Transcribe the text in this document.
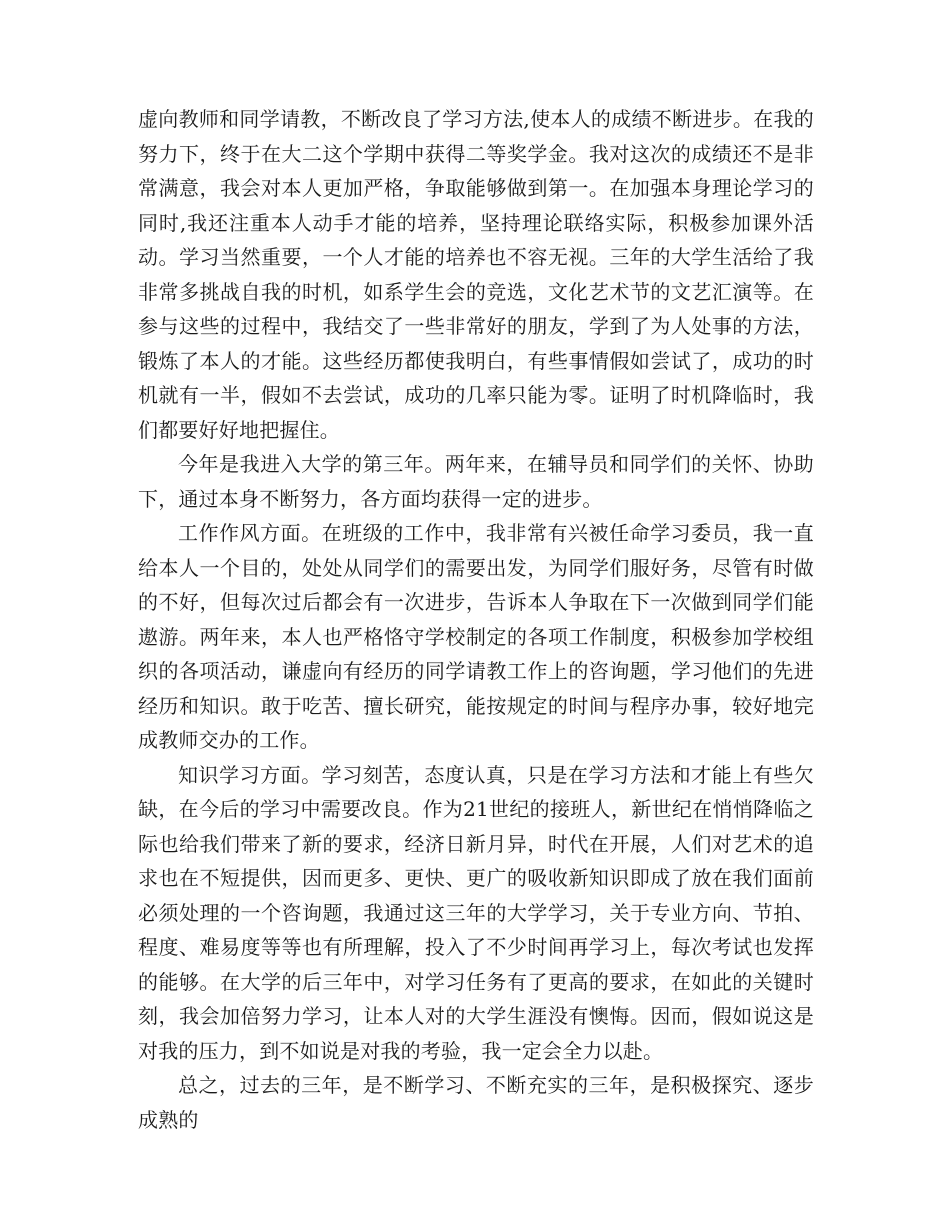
虚向教师和同学请教，不断改良了学习方法,使本人的成绩不断进步。在我的努力下，终于在大二这个学期中获得二等奖学金。我对这次的成绩还不是非常满意，我会对本人更加严格，争取能够做到第一。在加强本身理论学习的同时,我还注重本人动手才能的培养，坚持理论联络实际，积极参加课外活动。学习当然重要，一个人才能的培养也不容无视。三年的大学生活给了我非常多挑战自我的时机，如系学生会的竞选，文化艺术节的文艺汇演等。在参与这些的过程中，我结交了一些非常好的朋友，学到了为人处事的方法，锻炼了本人的才能。这些经历都使我明白，有些事情假如尝试了，成功的时机就有一半，假如不去尝试，成功的几率只能为零。证明了时机降临时，我们都要好好地把握住。

今年是我进入大学的第三年。两年来，在辅导员和同学们的关怀、协助下，通过本身不断努力，各方面均获得一定的进步。

工作作风方面。在班级的工作中，我非常有兴被任命学习委员，我一直给本人一个目的，处处从同学们的需要出发，为同学们服好务，尽管有时做的不好，但每次过后都会有一次进步，告诉本人争取在下一次做到同学们能遨游。两年来，本人也严格恪守学校制定的各项工作制度，积极参加学校组织的各项活动，谦虚向有经历的同学请教工作上的咨询题，学习他们的先进经历和知识。敢于吃苦、擅长研究，能按规定的时间与程序办事，较好地完成教师交办的工作。

知识学习方面。学习刻苦，态度认真，只是在学习方法和才能上有些欠缺，在今后的学习中需要改良。作为21世纪的接班人，新世纪在悄悄降临之际也给我们带来了新的要求，经济日新月异，时代在开展，人们对艺术的追求也在不短提供，因而更多、更快、更广的吸收新知识即成了放在我们面前必须处理的一个咨询题，我通过这三年的大学学习，关于专业方向、节拍、程度、难易度等等也有所理解，投入了不少时间再学习上，每次考试也发挥的能够。在大学的后三年中，对学习任务有了更高的要求，在如此的关键时刻，我会加倍努力学习，让本人对的大学生涯没有懊悔。因而，假如说这是对我的压力，到不如说是对我的考验，我一定会全力以赴。

总之，过去的三年，是不断学习、不断充实的三年，是积极探究、逐步成熟的
